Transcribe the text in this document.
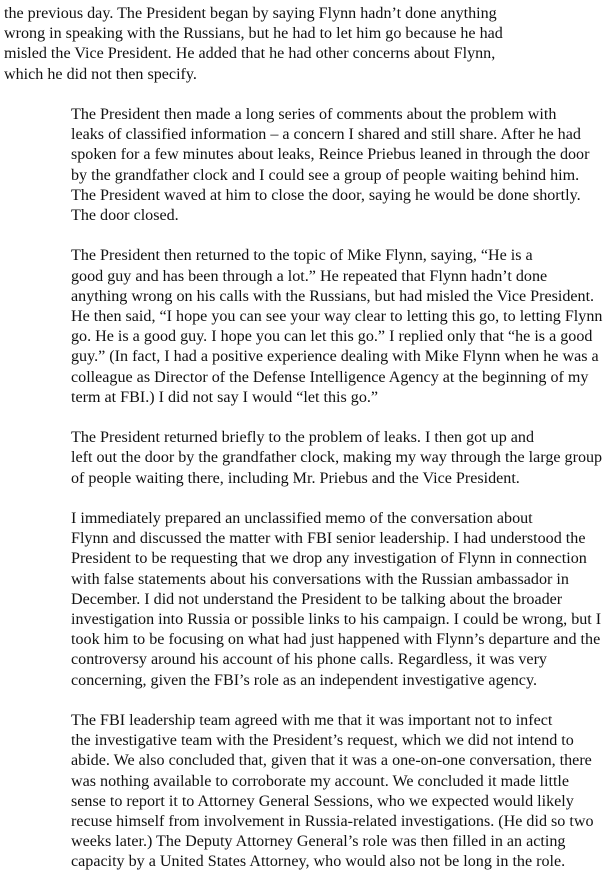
the previous day. The President began by saying Flynn hadn’t done anything
wrong in speaking with the Russians, but he had to let him go because he had
misled the Vice President. He added that he had other concerns about Flynn,
which he did not then specify.

The President then made a long series of comments about the problem with
leaks of classified information – a concern I shared and still share. After he had
spoken for a few minutes about leaks, Reince Priebus leaned in through the door
by the grandfather clock and I could see a group of people waiting behind him.
The President waved at him to close the door, saying he would be done shortly.
The door closed.

The President then returned to the topic of Mike Flynn, saying, “He is a
good guy and has been through a lot.” He repeated that Flynn hadn’t done
anything wrong on his calls with the Russians, but had misled the Vice President.
He then said, “I hope you can see your way clear to letting this go, to letting Flynn
go. He is a good guy. I hope you can let this go.” I replied only that “he is a good
guy.” (In fact, I had a positive experience dealing with Mike Flynn when he was a
colleague as Director of the Defense Intelligence Agency at the beginning of my
term at FBI.) I did not say I would “let this go.”

The President returned briefly to the problem of leaks. I then got up and
left out the door by the grandfather clock, making my way through the large group
of people waiting there, including Mr. Priebus and the Vice President.

I immediately prepared an unclassified memo of the conversation about
Flynn and discussed the matter with FBI senior leadership. I had understood the
President to be requesting that we drop any investigation of Flynn in connection
with false statements about his conversations with the Russian ambassador in
December. I did not understand the President to be talking about the broader
investigation into Russia or possible links to his campaign. I could be wrong, but I
took him to be focusing on what had just happened with Flynn’s departure and the
controversy around his account of his phone calls. Regardless, it was very
concerning, given the FBI’s role as an independent investigative agency.

The FBI leadership team agreed with me that it was important not to infect
the investigative team with the President’s request, which we did not intend to
abide. We also concluded that, given that it was a one-on-one conversation, there
was nothing available to corroborate my account. We concluded it made little
sense to report it to Attorney General Sessions, who we expected would likely
recuse himself from involvement in Russia-related investigations. (He did so two
weeks later.) The Deputy Attorney General’s role was then filled in an acting
capacity by a United States Attorney, who would also not be long in the role.
